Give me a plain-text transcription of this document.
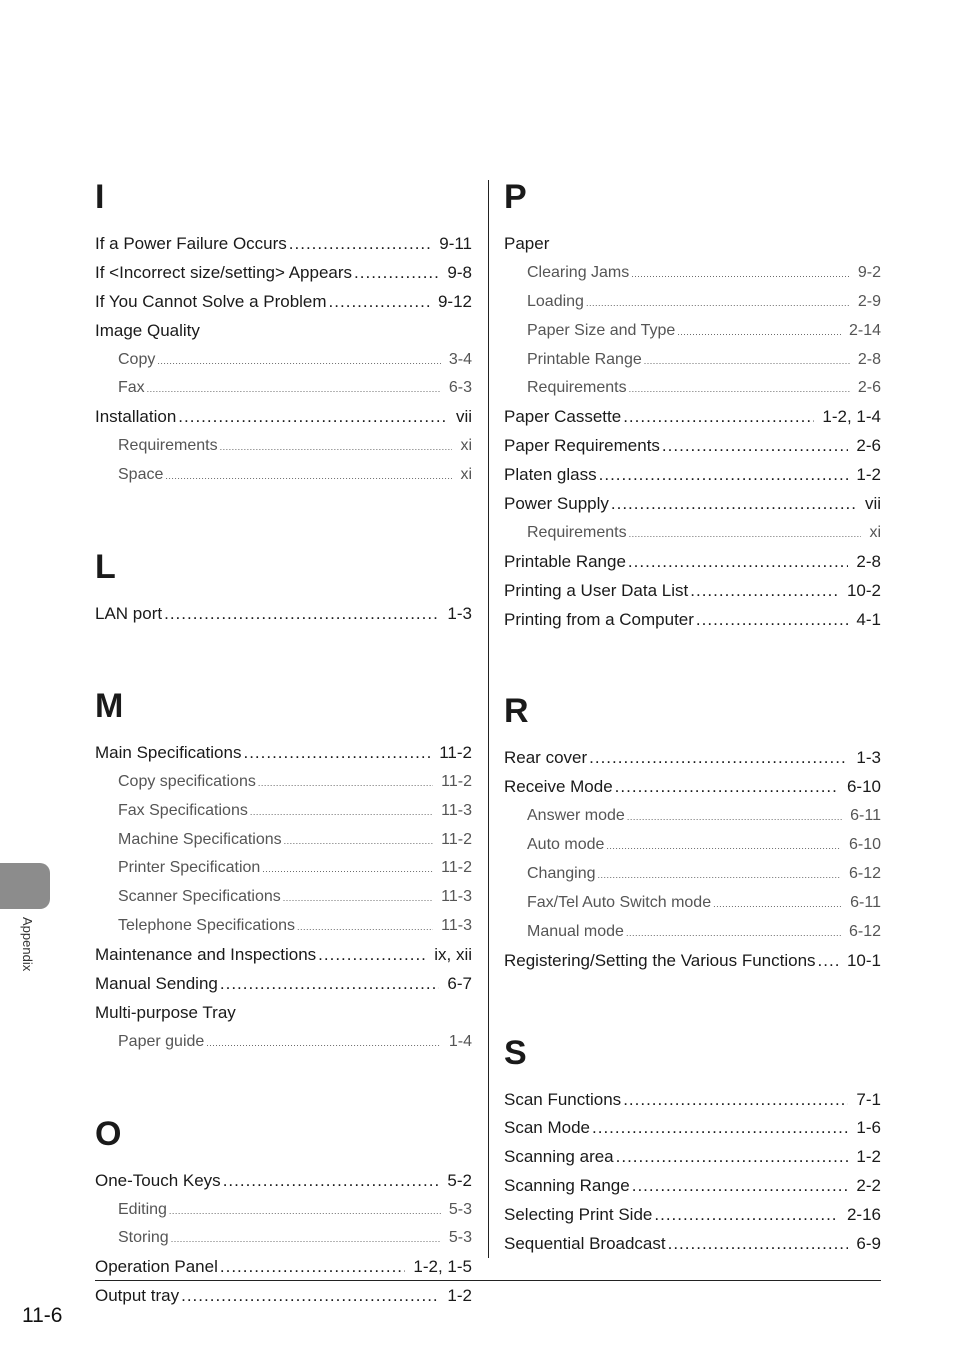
I
If a Power Failure Occurs .....	9-11
If <Incorrect size/setting> Appears .....	9-8
If You Cannot Solve a Problem .....	9-12
Image Quality
Copy .....	3-4
Fax .....	6-3
Installation .....	vii
Requirements .....	xi
Space .....	xi
L
LAN port .....	1-3
M
Main Specifications .....	11-2
Copy specifications .....	11-2
Fax Specifications .....	11-3
Machine Specifications .....	11-2
Printer Specification .....	11-2
Scanner Specifications .....	11-3
Telephone Specifications .....	11-3
Maintenance and Inspections .....	ix, xii
Manual Sending .....	6-7
Multi-purpose Tray
Paper guide .....	1-4
O
One-Touch Keys .....	5-2
Editing .....	5-3
Storing .....	5-3
Operation Panel .....	1-2, 1-5
Output tray .....	1-2
P
Paper
Clearing Jams .....	9-2
Loading .....	2-9
Paper Size and Type .....	2-14
Printable Range .....	2-8
Requirements .....	2-6
Paper Cassette .....	1-2, 1-4
Paper Requirements .....	2-6
Platen glass .....	1-2
Power Supply .....	vii
Requirements .....	xi
Printable Range .....	2-8
Printing a User Data List .....	10-2
Printing from a Computer .....	4-1
R
Rear cover .....	1-3
Receive Mode .....	6-10
Answer mode .....	6-11
Auto mode .....	6-10
Changing .....	6-12
Fax/Tel Auto Switch mode .....	6-11
Manual mode .....	6-12
Registering/Setting the Various Functions ..... 10-1
S
Scan Functions .....	7-1
Scan Mode .....	1-6
Scanning area .....	1-2
Scanning Range .....	2-2
Selecting Print Side .....	2-16
Sequential Broadcast .....	6-9
Appendix
11-6
